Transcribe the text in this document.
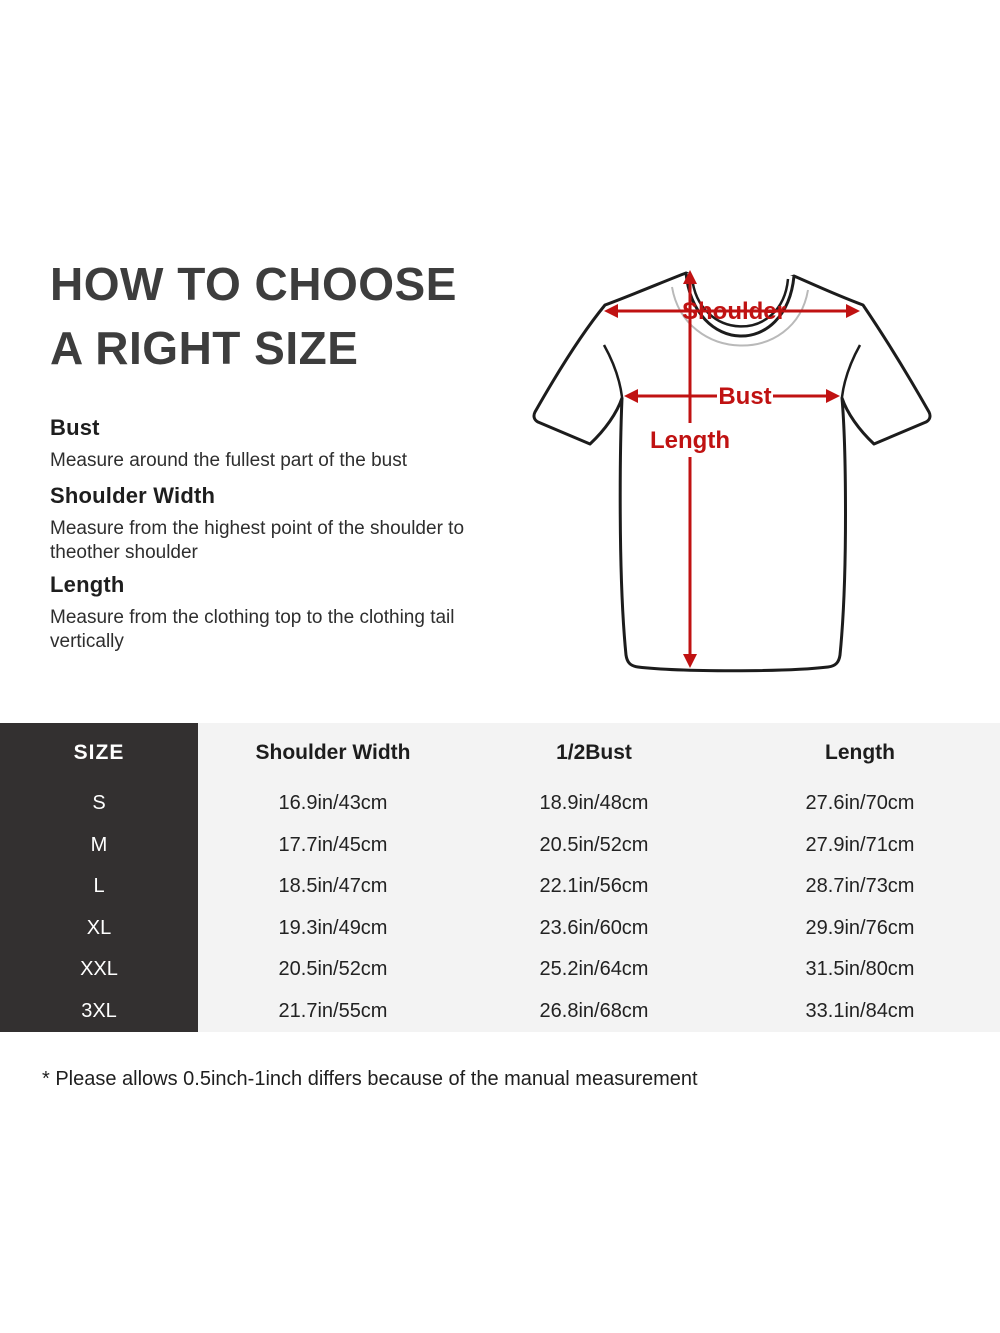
HOW TO CHOOSE
A RIGHT SIZE
Bust

Measure around the fullest part of the bust

Shoulder Width

Measure from the highest point of the shoulder to theother shoulder

Length

Measure from the clothing top to the clothing tail vertically

Shoulder
Bust
Length
SIZE	Shoulder Width	1/2Bust	Length
S	16.9in/43cm	18.9in/48cm	27.6in/70cm
M	17.7in/45cm	20.5in/52cm	27.9in/71cm
L	18.5in/47cm	22.1in/56cm	28.7in/73cm
XL	19.3in/49cm	23.6in/60cm	29.9in/76cm
XXL	20.5in/52cm	25.2in/64cm	31.5in/80cm
3XL	21.7in/55cm	26.8in/68cm	33.1in/84cm
* Please allows 0.5inch-1inch differs because of the manual measurement
